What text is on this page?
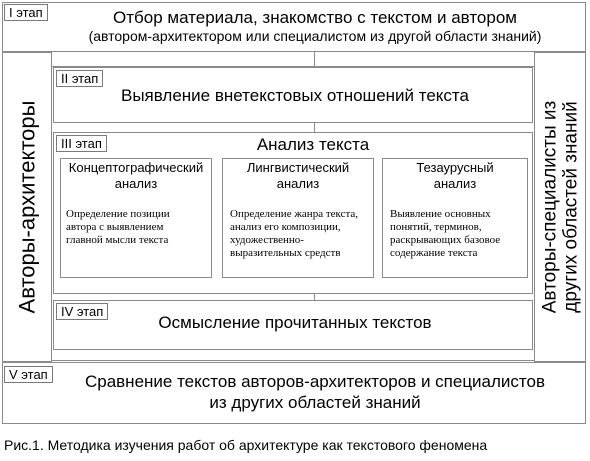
I этап	Отбор материала, знакомство с текстом и автором
(автором-архитектором или специалистом из другой области знаний)
Авторы-архитекторы	Авторы-специалисты из других областей знаний
II этап
Выявление внетекстовых отношений текста
III этап	Анализ текста
Концептографический
анализ
Определение позиции
автора с выявлением
главной мысли текста
Лингвистический
анализ
Определение жанра текста,
анализ его композиции,
художественно-
выразительных средств
Тезаурусный
анализ
Выявление основных
понятий, терминов,
раскрывающих базовое
содержание текста
IV этап
Осмысление прочитанных текстов
V этап	Сравнение текстов авторов-архитекторов и специалистов
из других областей знаний
Рис.1. Методика изучения работ об архитектуре как текстового феномена
